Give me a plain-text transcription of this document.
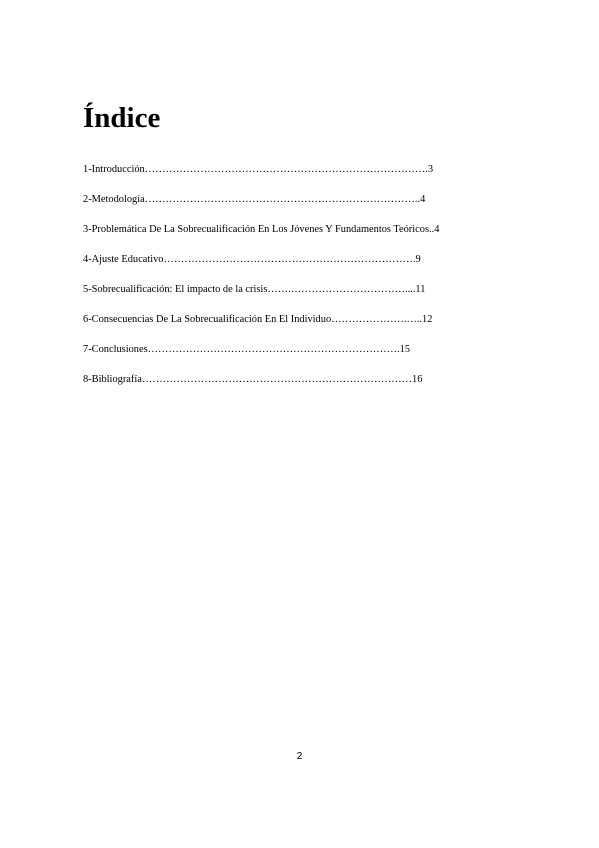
Índice
1-Introducción……………………………………………………………………….3
2-Metodología……………………………………………………………………..4
3-Problemática De La Sobrecualificación En Los Jóvenes Y Fundamentos Teóricos..4
4-Ajuste Educativo……………………………………………………………….9
5-Sobrecualificación: El impacto de la crisis…….……………………………....11
6-Consecuencias De La Sobrecualificación En El Individuo………………….…..12
7-Conclusiones……………………………………………………………….15
8-Bibliografía……………………………………………………………………16
2
